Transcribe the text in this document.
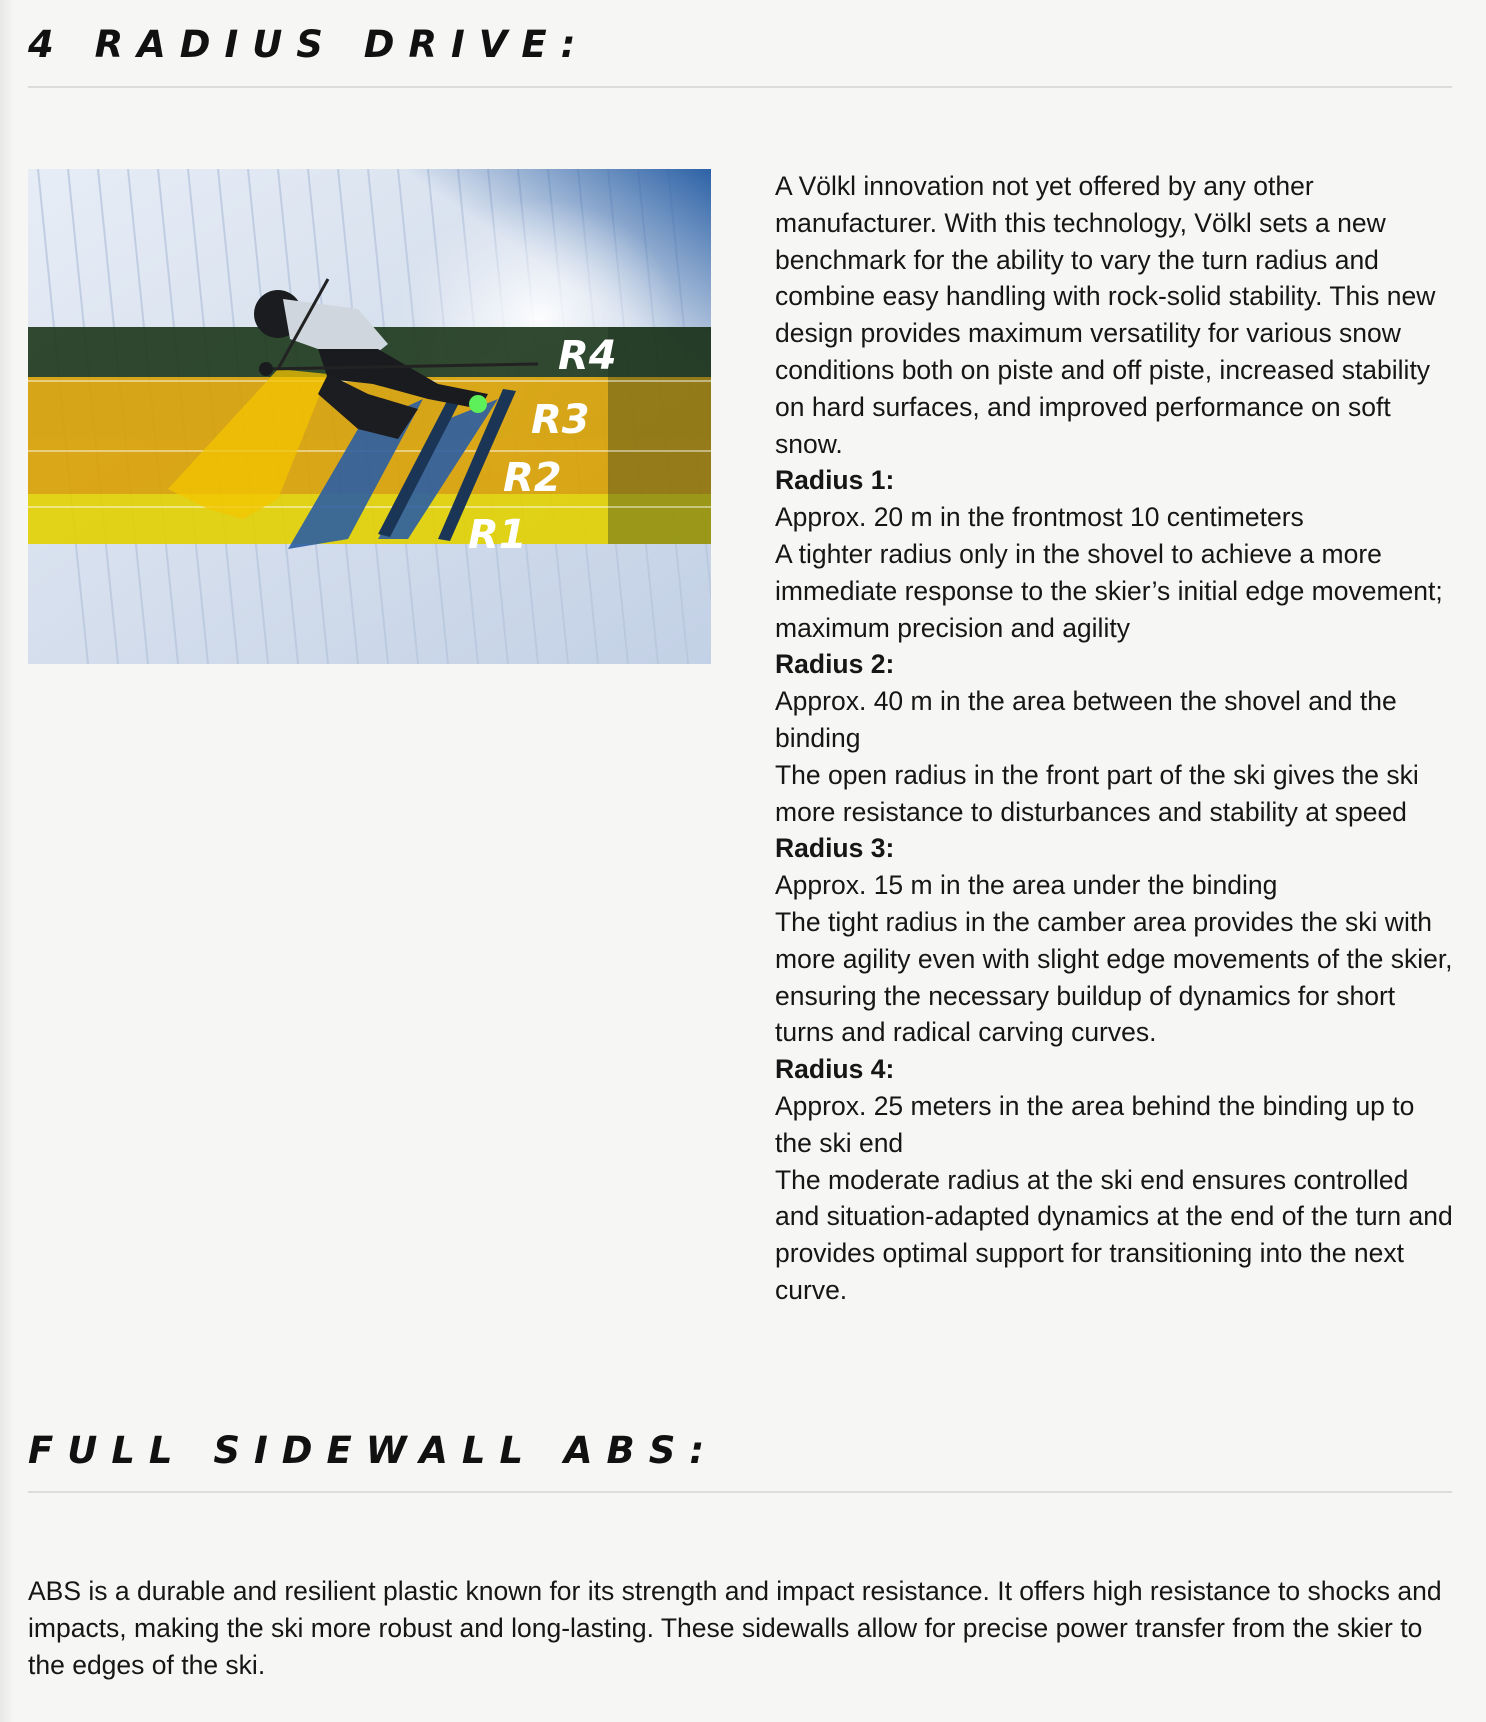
4 RADIUS DRIVE:
R4
R3
R2
R1

A Völkl innovation not yet offered by any other manufacturer. With this technology, Völkl sets a new benchmark for the ability to vary the turn radius and combine easy handling with rock-solid stability. This new design provides maximum versatility for various snow conditions both on piste and off piste, increased stability on hard surfaces, and improved performance on soft snow.

Radius 1:

Approx. 20 m in the frontmost 10 centimeters

A tighter radius only in the shovel to achieve a more immediate response to the skier’s initial edge movement; maximum precision and agility

Radius 2:

Approx. 40 m in the area between the shovel and the binding

The open radius in the front part of the ski gives the ski more resistance to disturbances and stability at speed

Radius 3:

Approx. 15 m in the area under the binding

The tight radius in the camber area provides the ski with more agility even with slight edge movements of the skier, ensuring the necessary buildup of dynamics for short turns and radical carving curves.

Radius 4:

Approx. 25 meters in the area behind the binding up to the ski end

The moderate radius at the ski end ensures controlled and situation-adapted dynamics at the end of the turn and provides optimal support for transitioning into the next curve.

FULL SIDEWALL ABS:

ABS is a durable and resilient plastic known for its strength and impact resistance. It offers high resistance to shocks and impacts, making the ski more robust and long-lasting. These sidewalls allow for precise power transfer from the skier to the edges of the ski.
